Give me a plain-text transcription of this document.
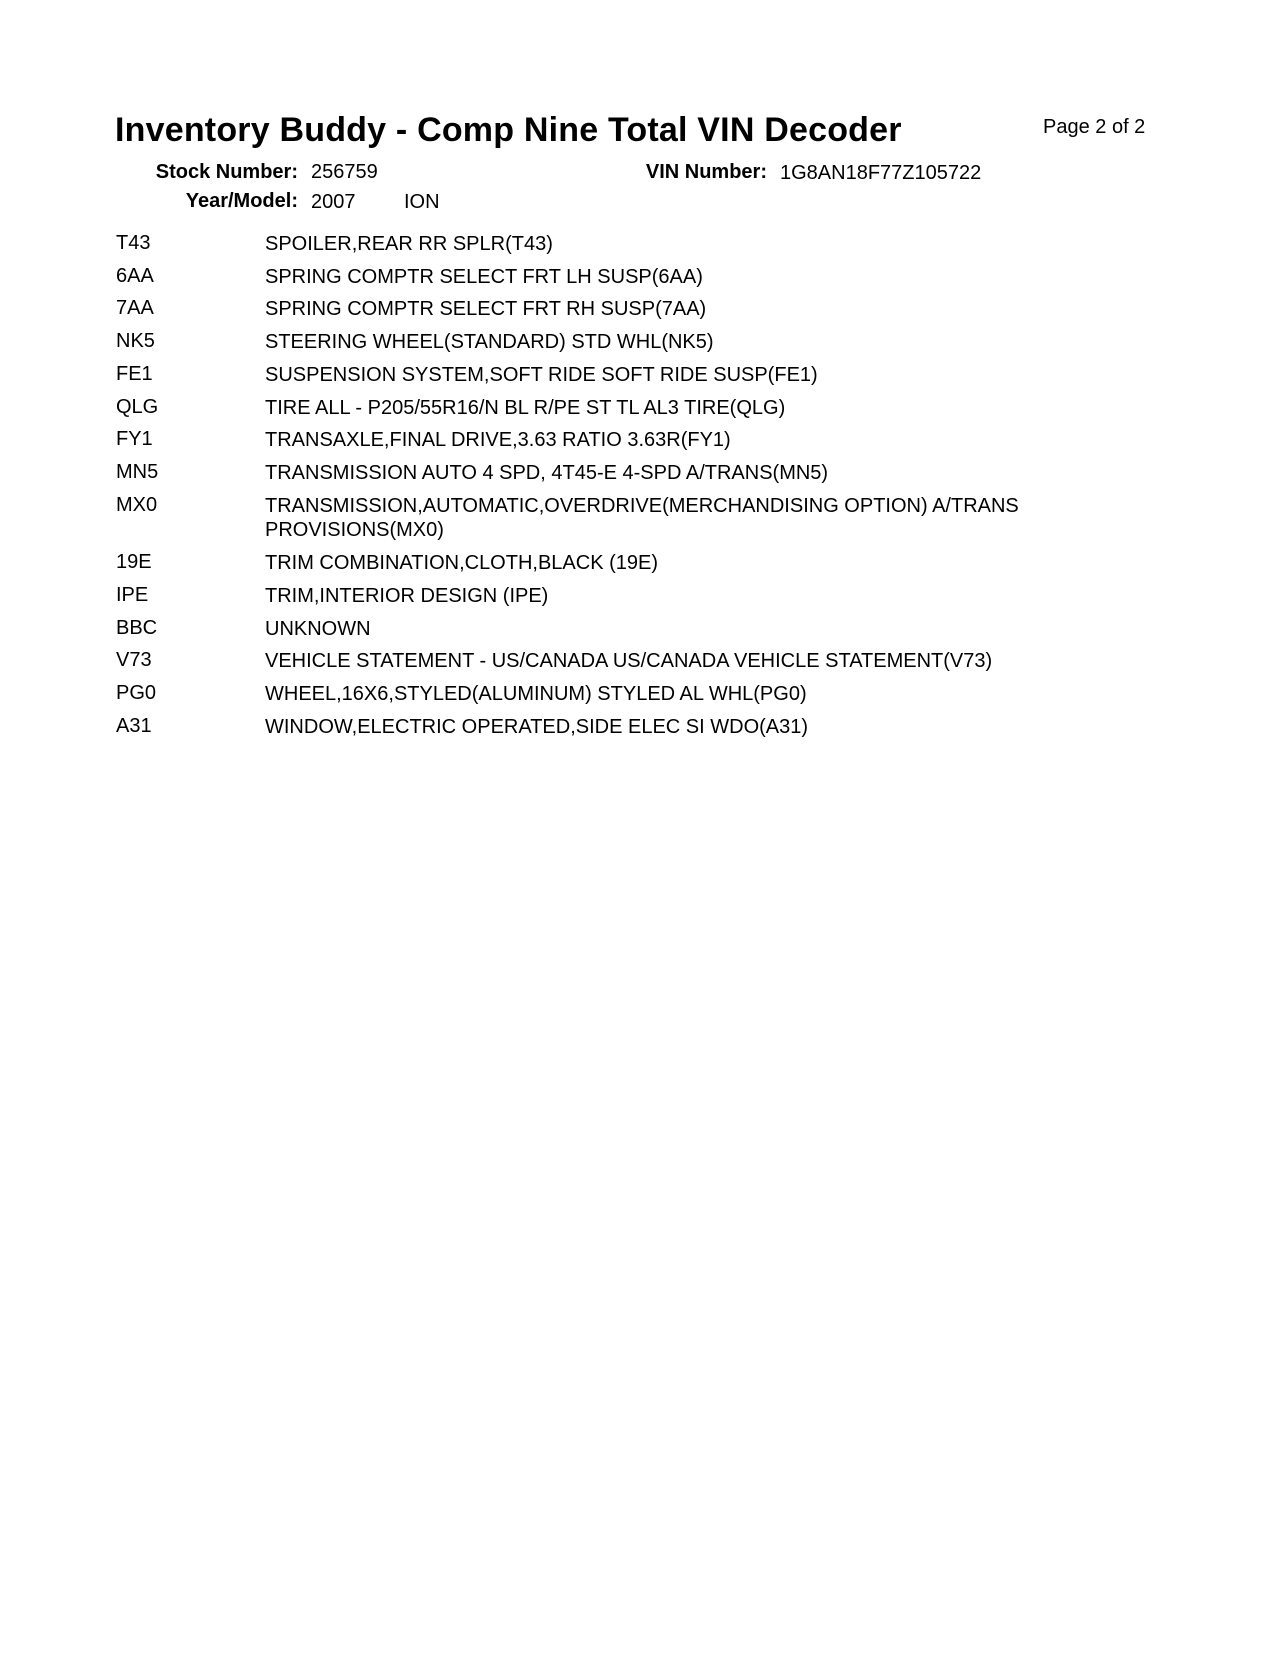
Inventory Buddy - Comp Nine Total VIN Decoder	Page 2 of 2
Stock Number: 256759	VIN Number: 1G8AN18F77Z105722
Year/Model: 2007 ION
T43	SPOILER,REAR RR SPLR(T43)
6AA	SPRING COMPTR SELECT FRT LH SUSP(6AA)
7AA	SPRING COMPTR SELECT FRT RH SUSP(7AA)
NK5	STEERING WHEEL(STANDARD) STD WHL(NK5)
FE1	SUSPENSION SYSTEM,SOFT RIDE SOFT RIDE SUSP(FE1)
QLG	TIRE ALL - P205/55R16/N BL R/PE ST TL AL3 TIRE(QLG)
FY1	TRANSAXLE,FINAL DRIVE,3.63 RATIO 3.63R(FY1)
MN5	TRANSMISSION AUTO 4 SPD, 4T45-E 4-SPD A/TRANS(MN5)
MX0	TRANSMISSION,AUTOMATIC,OVERDRIVE(MERCHANDISING OPTION) A/TRANS PROVISIONS(MX0)
19E	TRIM COMBINATION,CLOTH,BLACK (19E)
IPE	TRIM,INTERIOR DESIGN (IPE)
BBC	UNKNOWN
V73	VEHICLE STATEMENT - US/CANADA US/CANADA VEHICLE STATEMENT(V73)
PG0	WHEEL,16X6,STYLED(ALUMINUM) STYLED AL WHL(PG0)
A31	WINDOW,ELECTRIC OPERATED,SIDE ELEC SI WDO(A31)
